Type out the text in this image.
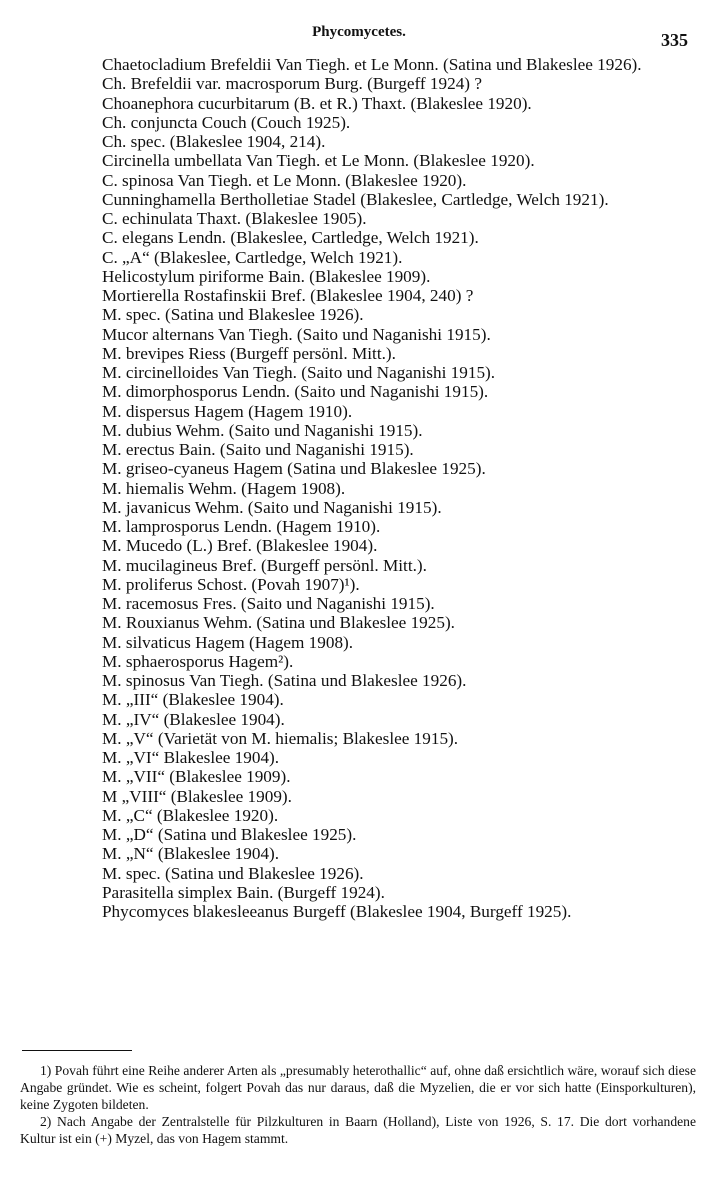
Phycomycetes.	335

Chaetocladium Brefeldii Van Tiegh. et Le Monn. (Satina und Blakeslee 1926).

Ch. Brefeldii var. macrosporum Burg. (Burgeff 1924) ?

Choanephora cucurbitarum (B. et R.) Thaxt. (Blakeslee 1920).

Ch. conjuncta Couch (Couch 1925).

Ch. spec. (Blakeslee 1904, 214).

Circinella umbellata Van Tiegh. et Le Monn. (Blakeslee 1920).

C. spinosa Van Tiegh. et Le Monn. (Blakeslee 1920).

Cunninghamella Bertholletiae Stadel (Blakeslee, Cartledge, Welch 1921).

C. echinulata Thaxt. (Blakeslee 1905).

C. elegans Lendn. (Blakeslee, Cartledge, Welch 1921).

C. „A“ (Blakeslee, Cartledge, Welch 1921).

Helicostylum piriforme Bain. (Blakeslee 1909).

Mortierella Rostafinskii Bref. (Blakeslee 1904, 240) ?

M. spec. (Satina und Blakeslee 1926).

Mucor alternans Van Tiegh. (Saito und Naganishi 1915).

M. brevipes Riess (Burgeff persönl. Mitt.).

M. circinelloides Van Tiegh. (Saito und Naganishi 1915).

M. dimorphosporus Lendn. (Saito und Naganishi 1915).

M. dispersus Hagem (Hagem 1910).

M. dubius Wehm. (Saito und Naganishi 1915).

M. erectus Bain. (Saito und Naganishi 1915).

M. griseo-cyaneus Hagem (Satina und Blakeslee 1925).

M. hiemalis Wehm. (Hagem 1908).

M. javanicus Wehm. (Saito und Naganishi 1915).

M. lamprosporus Lendn. (Hagem 1910).

M. Mucedo (L.) Bref. (Blakeslee 1904).

M. mucilagineus Bref. (Burgeff persönl. Mitt.).

M. proliferus Schost. (Povah 1907)¹).

M. racemosus Fres. (Saito und Naganishi 1915).

M. Rouxianus Wehm. (Satina und Blakeslee 1925).

M. silvaticus Hagem (Hagem 1908).

M. sphaerosporus Hagem²).

M. spinosus Van Tiegh. (Satina und Blakeslee 1926).

M. „III“ (Blakeslee 1904).

M. „IV“ (Blakeslee 1904).

M. „V“ (Varietät von M. hiemalis; Blakeslee 1915).

M. „VI“ Blakeslee 1904).

M. „VII“ (Blakeslee 1909).

M „VIII“ (Blakeslee 1909).

M. „C“ (Blakeslee 1920).

M. „D“ (Satina und Blakeslee 1925).

M. „N“ (Blakeslee 1904).

M. spec. (Satina und Blakeslee 1926).

Parasitella simplex Bain. (Burgeff 1924).

Phycomyces blakesleeanus Burgeff (Blakeslee 1904, Burgeff 1925).

1) Povah führt eine Reihe anderer Arten als „presumably heterothallic“ auf, ohne daß ersichtlich wäre, worauf sich diese Angabe gründet. Wie es scheint, folgert Povah das nur daraus, daß die Myzelien, die er vor sich hatte (Einsporkulturen), keine Zygoten bildeten.

2) Nach Angabe der Zentralstelle für Pilzkulturen in Baarn (Holland), Liste von 1926, S. 17. Die dort vorhandene Kultur ist ein (+) Myzel, das von Hagem stammt.
